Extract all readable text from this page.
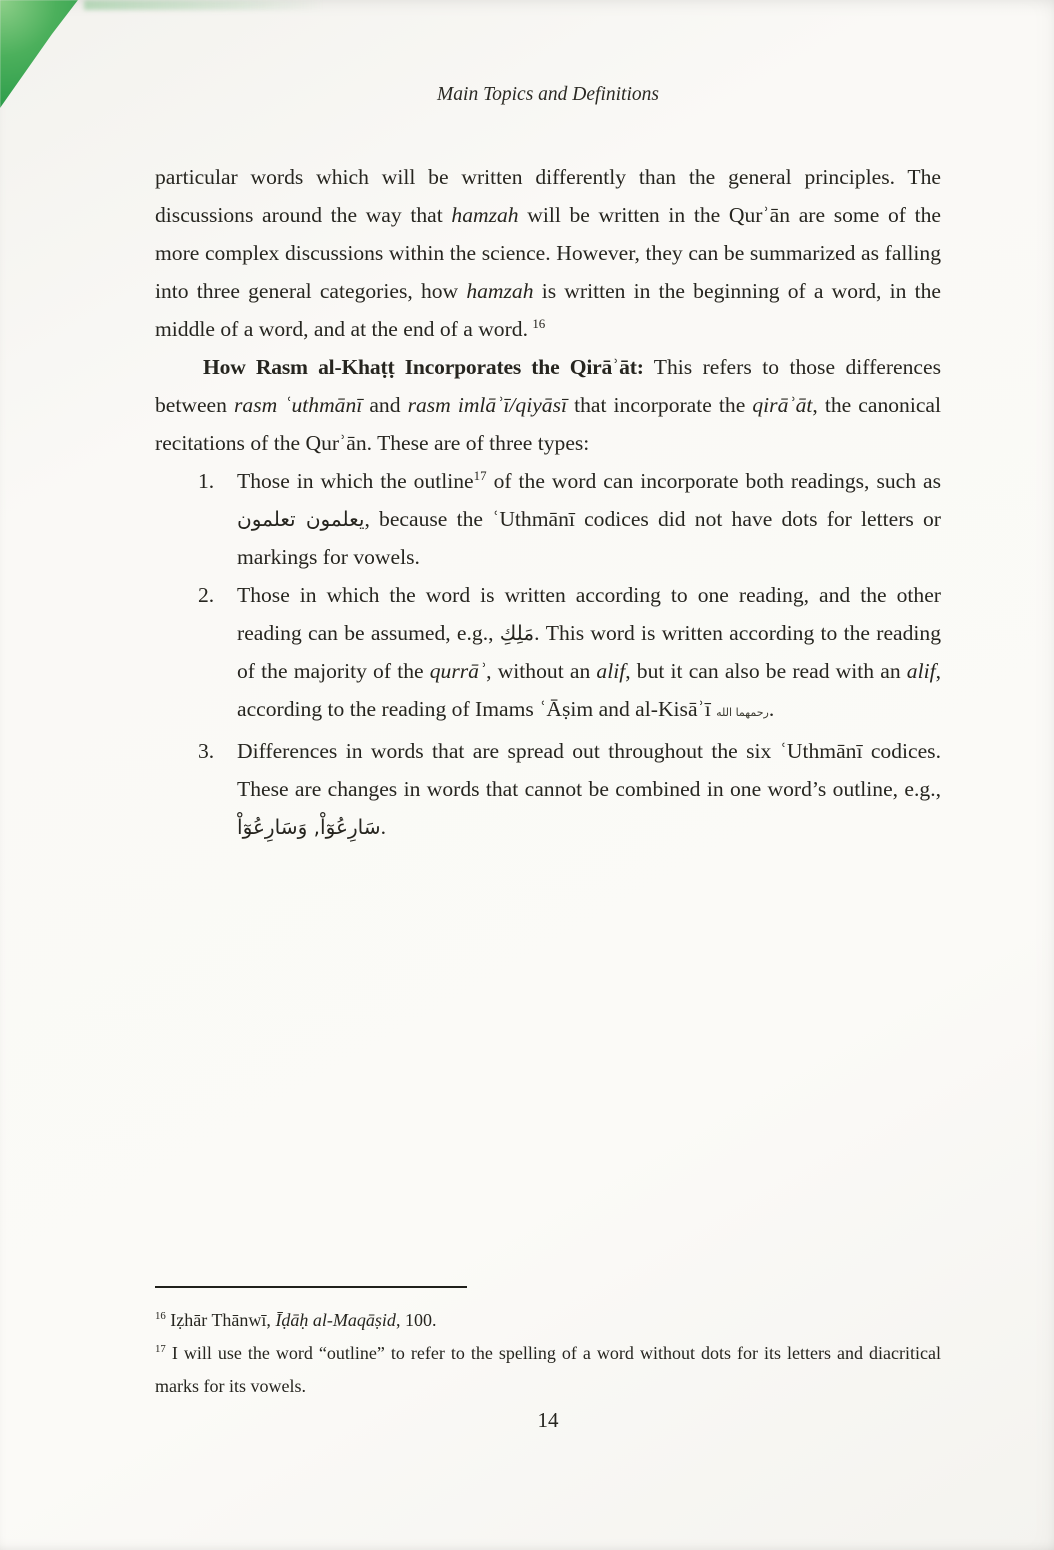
Main Topics and Definitions

particular words which will be written differently than the general principles. The discussions around the way that hamzah will be written in the Qurʾān are some of the more complex discussions within the science. However, they can be summarized as falling into three general categories, how hamzah is written in the beginning of a word, in the middle of a word, and at the end of a word. $^{16}$

How Rasm al-Khaṭṭ Incorporates the Qirāʾāt: This refers to those differences between rasm ʿuthmānī and rasm imlāʾī/qiyāsī that incorporate the qirāʾāt, the canonical recitations of the Qurʾān. These are of three types:

1.	Those in which the outline$^{17}$ of the word can incorporate both readings, such as يعلمون تعلمون, because the ʿUthmānī codices did not have dots for letters or markings for vowels.
2.	Those in which the word is written according to one reading, and the other reading can be assumed, e.g., مَلِكِ. This word is written according to the reading of the majority of the qurrāʾ, without an alif, but it can also be read with an alif, according to the reading of Imams ʿĀṣim and al-Kisāʾī رحمهما الله.
3.	Differences in words that are spread out throughout the six ʿUthmānī codices. These are changes in words that cannot be combined in one word’s outline, e.g., سَارِعُوٓاْ, وَسَارِعُوٓاْ.

$^{16}$ Iẓhār Thānwī, Īḍāḥ al-Maqāṣid, 100.

$^{17}$ I will use the word “outline” to refer to the spelling of a word without dots for its letters and diacritical marks for its vowels.

14
